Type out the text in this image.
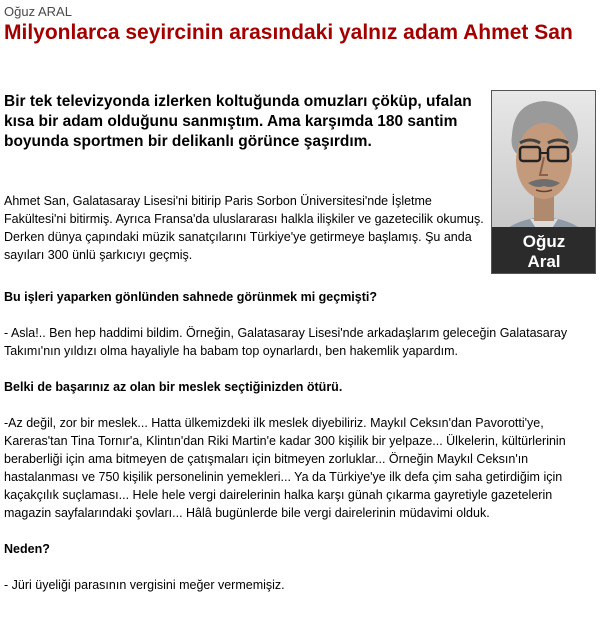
Oğuz ARAL
Milyonlarca seyircinin arasındaki yalnız adam Ahmet San
Bir tek televizyonda izlerken koltuğunda omuzları çöküp, ufalan kısa bir adam olduğunu sanmıştım. Ama karşımda 180 santim boyunda sportmen bir delikanlı görünce şaşırdım.
Ahmet San, Galatasaray Lisesi'ni bitirip Paris Sorbon Üniversitesi'nde İşletme Fakültesi'ni bitirmiş. Ayrıca Fransa'da uluslararası halkla ilişkiler ve gazetecilik okumuş. Derken dünya çapındaki müzik sanatçılarını Türkiye'ye getirmeye başlamış. Şu anda sayıları 300 ünlü şarkıcıyı geçmiş.
Oğuz
Aral
Bu işleri yaparken gönlünden sahnede görünmek mi geçmişti?
- Asla!.. Ben hep haddimi bildim. Örneğin, Galatasaray Lisesi'nde arkadaşlarım geleceğin Galatasaray Takımı'nın yıldızı olma hayaliyle ha babam top oynarlardı, ben hakemlik yapardım.
Belki de başarınız az olan bir meslek seçtiğinizden ötürü.
-Az değil, zor bir meslek... Hatta ülkemizdeki ilk meslek diyebiliriz. Maykıl Ceksın'dan Pavorotti'ye, Kareras'tan Tina Tornır'a, Klintın'dan Riki Martin'e kadar 300 kişilik bir yelpaze... Ülkelerin, kültürlerinin beraberliği için ama bitmeyen de çatışmaları için bitmeyen zorluklar... Örneğin Maykıl Ceksın'ın hastalanması ve 750 kişilik personelinin yemekleri... Ya da Türkiye'ye ilk defa çim saha getirdiğim için kaçakçılık suçlaması... Hele hele vergi dairelerinin halka karşı günah çıkarma gayretiyle gazetelerin magazin sayfalarındaki şovları... Hâlâ bugünlerde bile vergi dairelerinin müdavimi olduk.
Neden?
- Jüri üyeliği parasının vergisini meğer vermemişiz.
